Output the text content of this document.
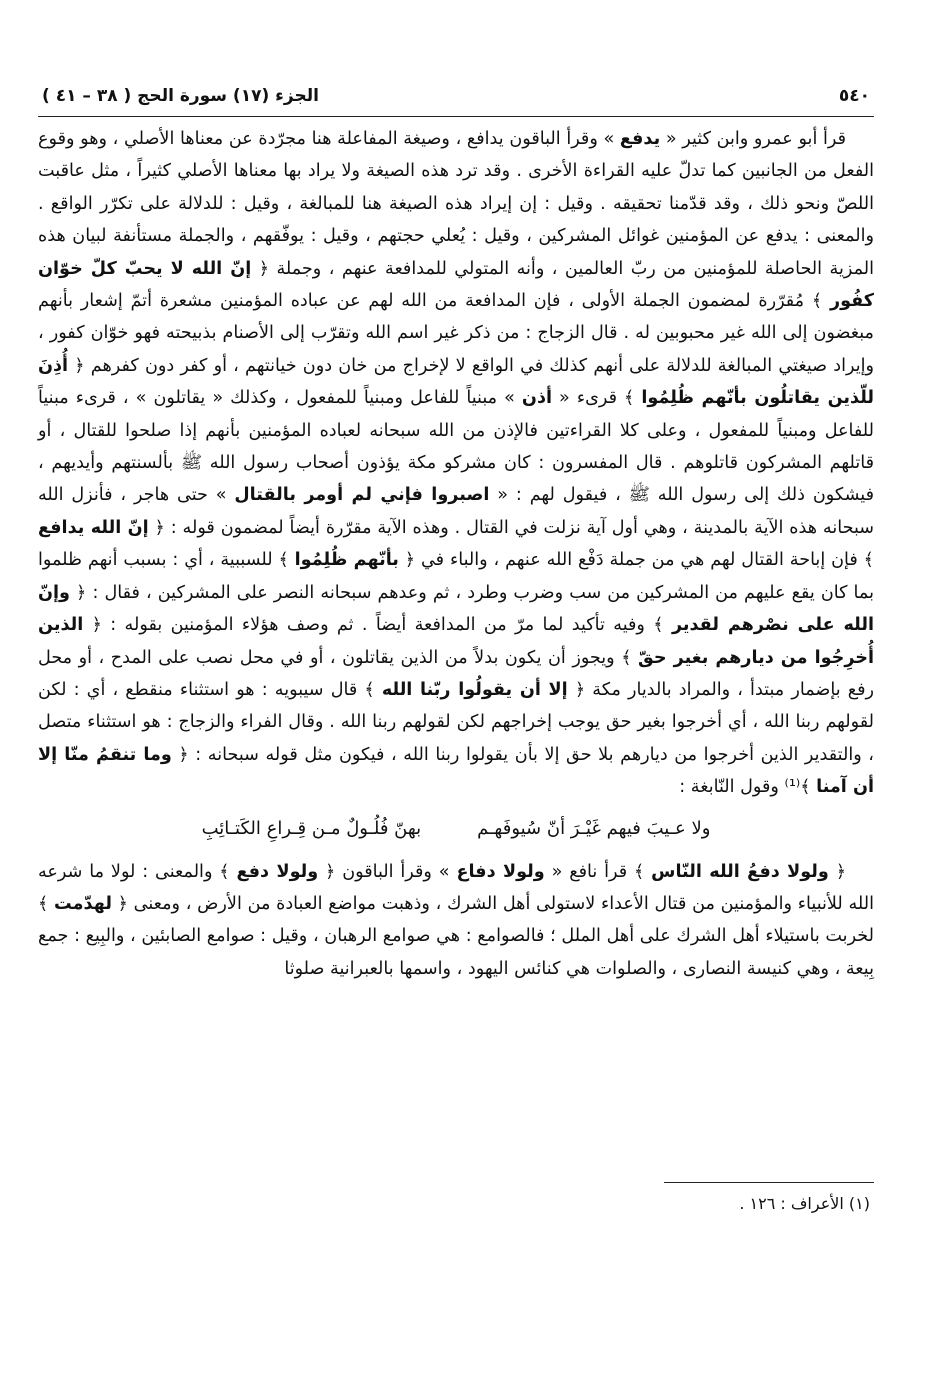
٥٤٠
الجزء (١٧) سورة الحج ( ٣٨ – ٤١ )

قرأ أبو عمرو وابن كثير « يدفع » وقرأ الباقون يدافع ، وصيغة المفاعلة هنا مجرّدة عن معناها الأصلي ، وهو وقوع الفعل من الجانبين كما تدلّ عليه القراءة الأخرى . وقد ترد هذه الصيغة ولا يراد بها معناها الأصلي كثيراً ، مثل عاقبت اللصّ ونحو ذلك ، وقد قدّمنا تحقيقه . وقيل : إن إيراد هذه الصيغة هنا للمبالغة ، وقيل : للدلالة على تكرّر الواقع . والمعنى : يدفع عن المؤمنين غوائل المشركين ، وقيل : يُعلي حجتهم ، وقيل : يوفّقهم ، والجملة مستأنفة لبيان هذه المزية الحاصلة للمؤمنين من ربّ العالمين ، وأنه المتولي للمدافعة عنهم ، وجملة ﴿ إنّ الله لا يحبّ كلّ خوّان كفُور ﴾ مُقرّرة لمضمون الجملة الأولى ، فإن المدافعة من الله لهم عن عباده المؤمنين مشعرة أتمّ إشعار بأنهم مبغضون إلى الله غير محبوبين له . قال الزجاج : من ذكر غير اسم الله وتقرّب إلى الأصنام بذبيحته فهو خوّان كفور ، وإيراد صيغتي المبالغة للدلالة على أنهم كذلك في الواقع لا لإخراج من خان دون خيانتهم ، أو كفر دون كفرهم ﴿ أُذِنَ للّذين يقاتلُون بأنّهم ظُلِمُوا ﴾ قرىء « أذن » مبنياً للفاعل ومبنياً للمفعول ، وكذلك « يقاتلون » ، قرىء مبنياً للفاعل ومبنياً للمفعول ، وعلى كلا القراءتين فالإذن من الله سبحانه لعباده المؤمنين بأنهم إذا صلحوا للقتال ، أو قاتلهم المشركون قاتلوهم . قال المفسرون : كان مشركو مكة يؤذون أصحاب رسول الله ﷺ بألسنتهم وأيديهم ، فيشكون ذلك إلى رسول الله ﷺ ، فيقول لهم : « اصبروا فإني لم أومر بالقتال » حتى هاجر ، فأنزل الله سبحانه هذه الآية بالمدينة ، وهي أول آية نزلت في القتال . وهذه الآية مقرّرة أيضاً لمضمون قوله : ﴿ إنّ الله يدافع ﴾ فإن إباحة القتال لهم هي من جملة دَفْع الله عنهم ، والباء في ﴿ بأنّهم ظُلِمُوا ﴾ للسببية ، أي : بسبب أنهم ظلموا بما كان يقع عليهم من المشركين من سب وضرب وطرد ، ثم وعدهم سبحانه النصر على المشركين ، فقال : ﴿ وإنّ الله على نصْرهم لقدير ﴾ وفيه تأكيد لما مرّ من المدافعة أيضاً . ثم وصف هؤلاء المؤمنين بقوله : ﴿ الذين أُخرِجُوا من ديارهم بغير حقّ ﴾ ويجوز أن يكون بدلاً من الذين يقاتلون ، أو في محل نصب على المدح ، أو محل رفع بإضمار مبتدأ ، والمراد بالديار مكة ﴿ إلا أن يقولُوا ربّنا الله ﴾ قال سيبويه : هو استثناء منقطع ، أي : لكن لقولهم ربنا الله ، أي أخرجوا بغير حق يوجب إخراجهم لكن لقولهم ربنا الله . وقال الفراء والزجاج : هو استثناء متصل ، والتقدير الذين أخرجوا من ديارهم بلا حق إلا بأن يقولوا ربنا الله ، فيكون مثل قوله سبحانه : ﴿ وما تنقمُ منّا إلا أن آمنا ﴾⁽¹⁾ وقول النّابغة :

ولا عـيبَ فيهم غَيْـرَ أنّ سُيوفَهـم
بهنّ فُلُـولٌ مـن قِـراعِ الكَتـائِبِ

﴿ ولولا دفعُ الله النّاس ﴾ قرأ نافع « ولولا دفاع » وقرأ الباقون ﴿ ولولا دفع ﴾ والمعنى : لولا ما شرعه الله للأنبياء والمؤمنين من قتال الأعداء لاستولى أهل الشرك ، وذهبت مواضع العبادة من الأرض ، ومعنى ﴿ لهدّمت ﴾ لخربت باستيلاء أهل الشرك على أهل الملل ؛ فالصوامع : هي صوامع الرهبان ، وقيل : صوامع الصابئين ، والبِيع : جمع بِيعة ، وهي كنيسة النصارى ، والصلوات هي كنائس اليهود ، واسمها بالعبرانية صلوثا

(١) الأعراف : ١٢٦ .
